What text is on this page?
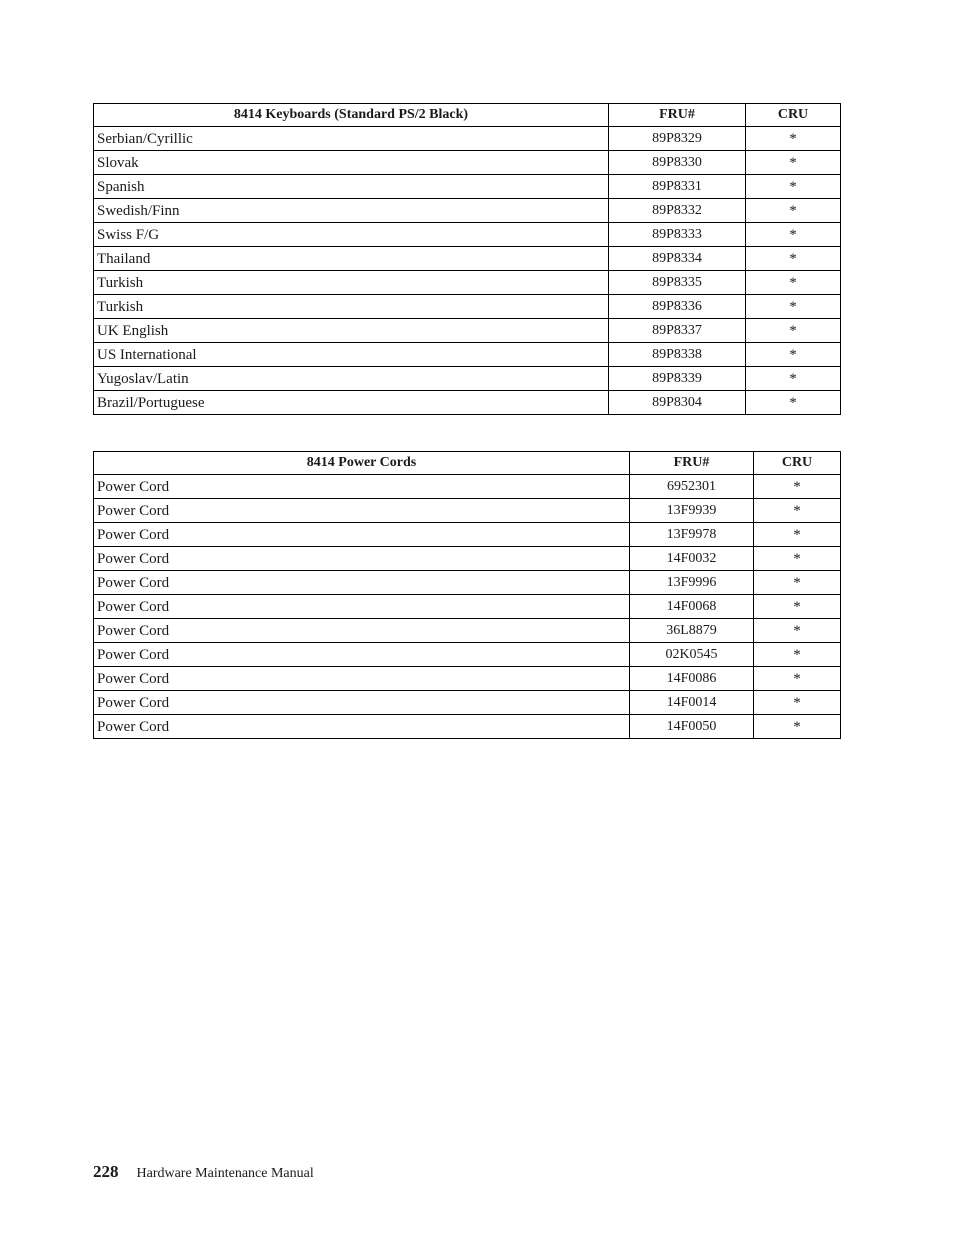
8414 Keyboards (Standard PS/2 Black)	FRU#	CRU
Serbian/Cyrillic	89P8329	*
Slovak	89P8330	*
Spanish	89P8331	*
Swedish/Finn	89P8332	*
Swiss F/G	89P8333	*
Thailand	89P8334	*
Turkish	89P8335	*
Turkish	89P8336	*
UK English	89P8337	*
US International	89P8338	*
Yugoslav/Latin	89P8339	*
Brazil/Portuguese	89P8304	*
8414 Power Cords	FRU#	CRU
Power Cord	6952301	*
Power Cord	13F9939	*
Power Cord	13F9978	*
Power Cord	14F0032	*
Power Cord	13F9996	*
Power Cord	14F0068	*
Power Cord	36L8879	*
Power Cord	02K0545	*
Power Cord	14F0086	*
Power Cord	14F0014	*
Power Cord	14F0050	*
228 Hardware Maintenance Manual
